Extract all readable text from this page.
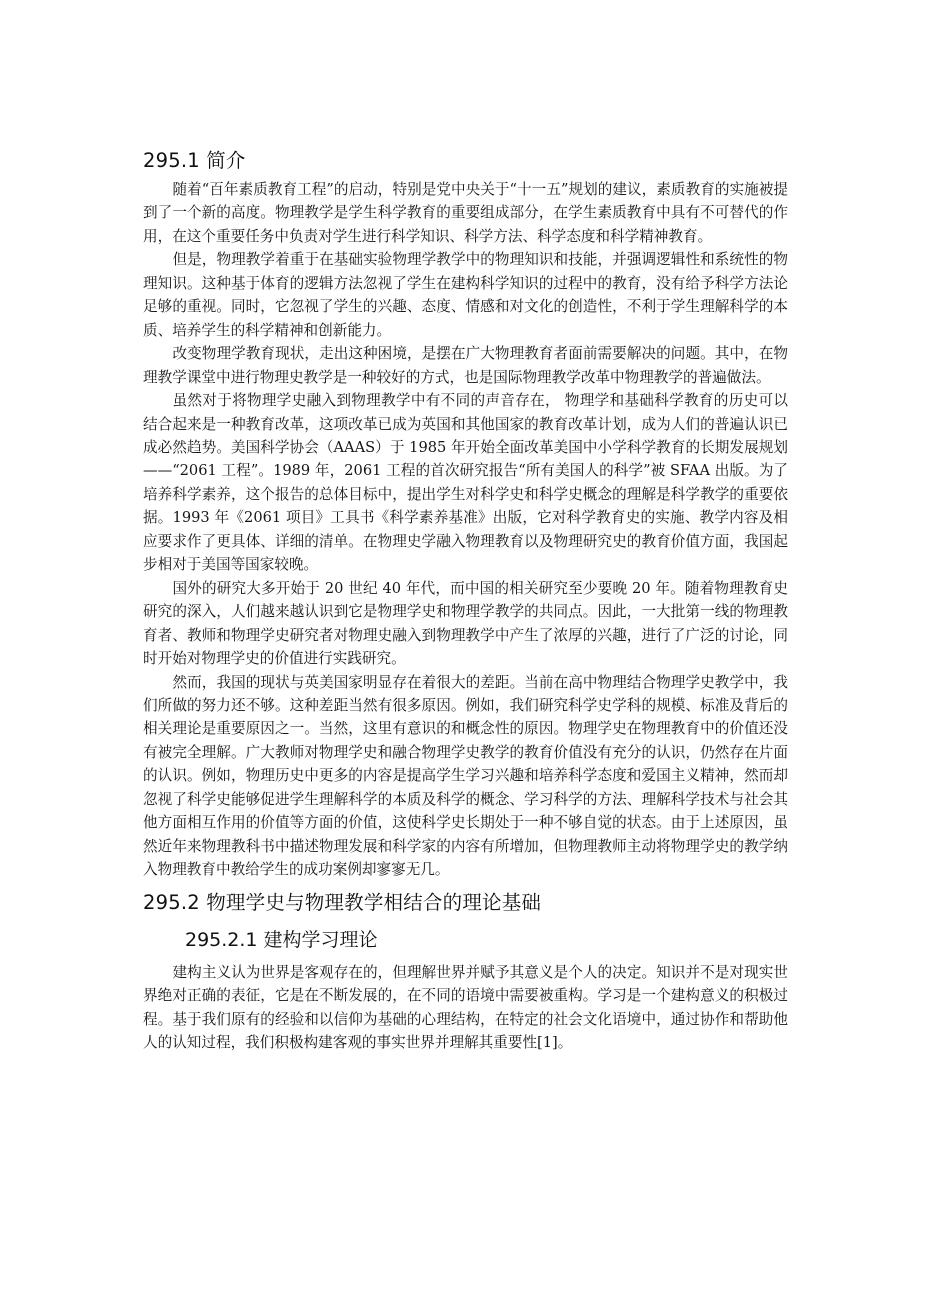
295.1 简介

随着“百年素质教育工程”的启动，特别是党中央关于“十一五”规划的建议，素质教育的实施被提到了一个新的高度。物理教学是学生科学教育的重要组成部分，在学生素质教育中具有不可替代的作用，在这个重要任务中负责对学生进行科学知识、科学方法、科学态度和科学精神教育。

但是，物理教学着重于在基础实验物理学教学中的物理知识和技能，并强调逻辑性和系统性的物理知识。这种基于体育的逻辑方法忽视了学生在建构科学知识的过程中的教育，没有给予科学方法论足够的重视。同时，它忽视了学生的兴趣、态度、情感和对文化的创造性，不利于学生理解科学的本质、培养学生的科学精神和创新能力。

改变物理学教育现状，走出这种困境，是摆在广大物理教育者面前需要解决的问题。其中，在物理教学课堂中进行物理史教学是一种较好的方式，也是国际物理教学改革中物理教学的普遍做法。

虽然对于将物理学史融入到物理教学中有不同的声音存在， 物理学和基础科学教育的历史可以结合起来是一种教育改革，这项改革已成为英国和其他国家的教育改革计划，成为人们的普遍认识已成必然趋势。美国科学协会（AAAS）于 1985 年开始全面改革美国中小学科学教育的长期发展规划——“2061 工程”。1989 年，2061 工程的首次研究报告“所有美国人的科学”被 SFAA 出版。为了培养科学素养，这个报告的总体目标中，提出学生对科学史和科学史概念的理解是科学教学的重要依据。1993 年《2061 项目》工具书《科学素养基准》出版，它对科学教育史的实施、教学内容及相应要求作了更具体、详细的清单。在物理史学融入物理教育以及物理研究史的教育价值方面，我国起步相对于美国等国家较晚。

国外的研究大多开始于 20 世纪 40 年代，而中国的相关研究至少要晚 20 年。随着物理教育史研究的深入，人们越来越认识到它是物理学史和物理学教学的共同点。因此，一大批第一线的物理教育者、教师和物理学史研究者对物理史融入到物理教学中产生了浓厚的兴趣，进行了广泛的讨论，同时开始对物理学史的价值进行实践研究。

然而，我国的现状与英美国家明显存在着很大的差距。当前在高中物理结合物理学史教学中，我们所做的努力还不够。这种差距当然有很多原因。例如，我们研究科学史学科的规模、标准及背后的相关理论是重要原因之一。当然，这里有意识的和概念性的原因。物理学史在物理教育中的价值还没有被完全理解。广大教师对物理学史和融合物理学史教学的教育价值没有充分的认识，仍然存在片面的认识。例如，物理历史中更多的内容是提高学生学习兴趣和培养科学态度和爱国主义精神，然而却忽视了科学史能够促进学生理解科学的本质及科学的概念、学习科学的方法、理解科学技术与社会其他方面相互作用的价值等方面的价值，这使科学史长期处于一种不够自觉的状态。由于上述原因，虽然近年来物理教科书中描述物理发展和科学家的内容有所增加，但物理教师主动将物理学史的教学纳入物理教育中教给学生的成功案例却寥寥无几。

295.2 物理学史与物理教学相结合的理论基础
295.2.1 建构学习理论

建构主义认为世界是客观存在的，但理解世界并赋予其意义是个人的决定。知识并不是对现实世界绝对正确的表征，它是在不断发展的，在不同的语境中需要被重构。学习是一个建构意义的积极过程。基于我们原有的经验和以信仰为基础的心理结构，在特定的社会文化语境中，通过协作和帮助他人的认知过程，我们积极构建客观的事实世界并理解其重要性[1]。
